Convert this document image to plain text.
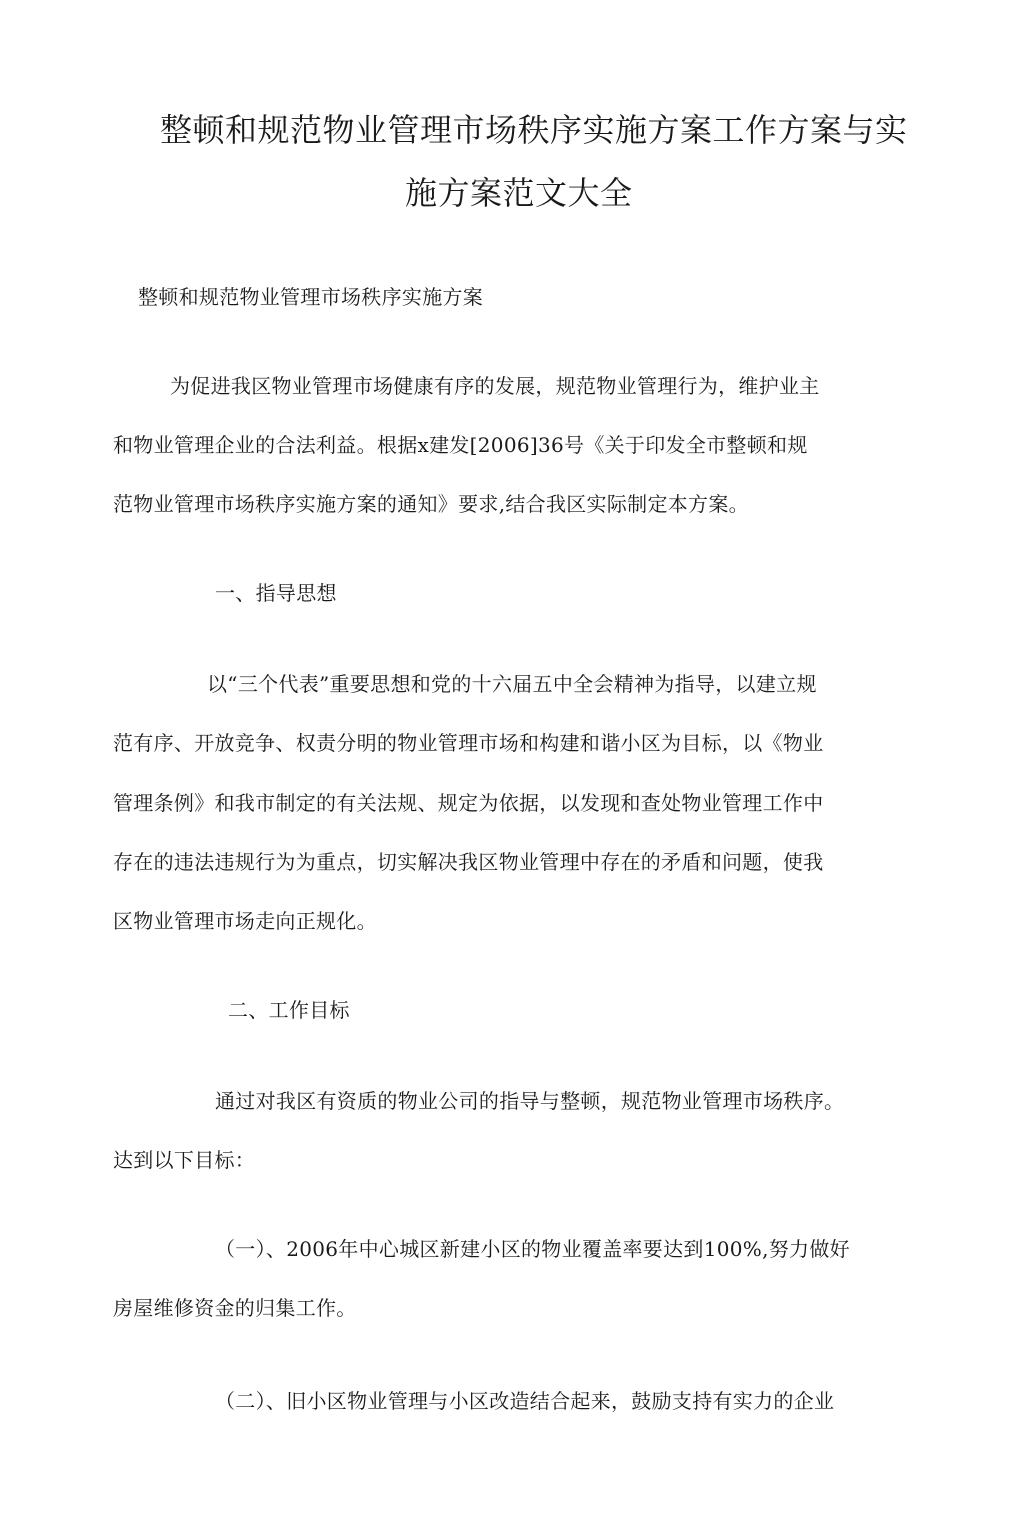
整顿和规范物业管理市场秩序实施方案工作方案与实
施方案范文大全
整顿和规范物业管理市场秩序实施方案
为促进我区物业管理市场健康有序的发展，规范物业管理行为，维护业主
和物业管理企业的合法利益。根据x建发[2006]36号《关于印发全市整顿和规
范物业管理市场秩序实施方案的通知》要求,结合我区实际制定本方案。
一、指导思想
以“三个代表”重要思想和党的十六届五中全会精神为指导，以建立规
范有序、开放竞争、权责分明的物业管理市场和构建和谐小区为目标，以《物业
管理条例》和我市制定的有关法规、规定为依据，以发现和查处物业管理工作中
存在的违法违规行为为重点，切实解决我区物业管理中存在的矛盾和问题，使我
区物业管理市场走向正规化。
二、工作目标
通过对我区有资质的物业公司的指导与整顿，规范物业管理市场秩序。
达到以下目标：
（一）、2006年中心城区新建小区的物业覆盖率要达到100%,努力做好
房屋维修资金的归集工作。
（二）、旧小区物业管理与小区改造结合起来，鼓励支持有实力的企业
